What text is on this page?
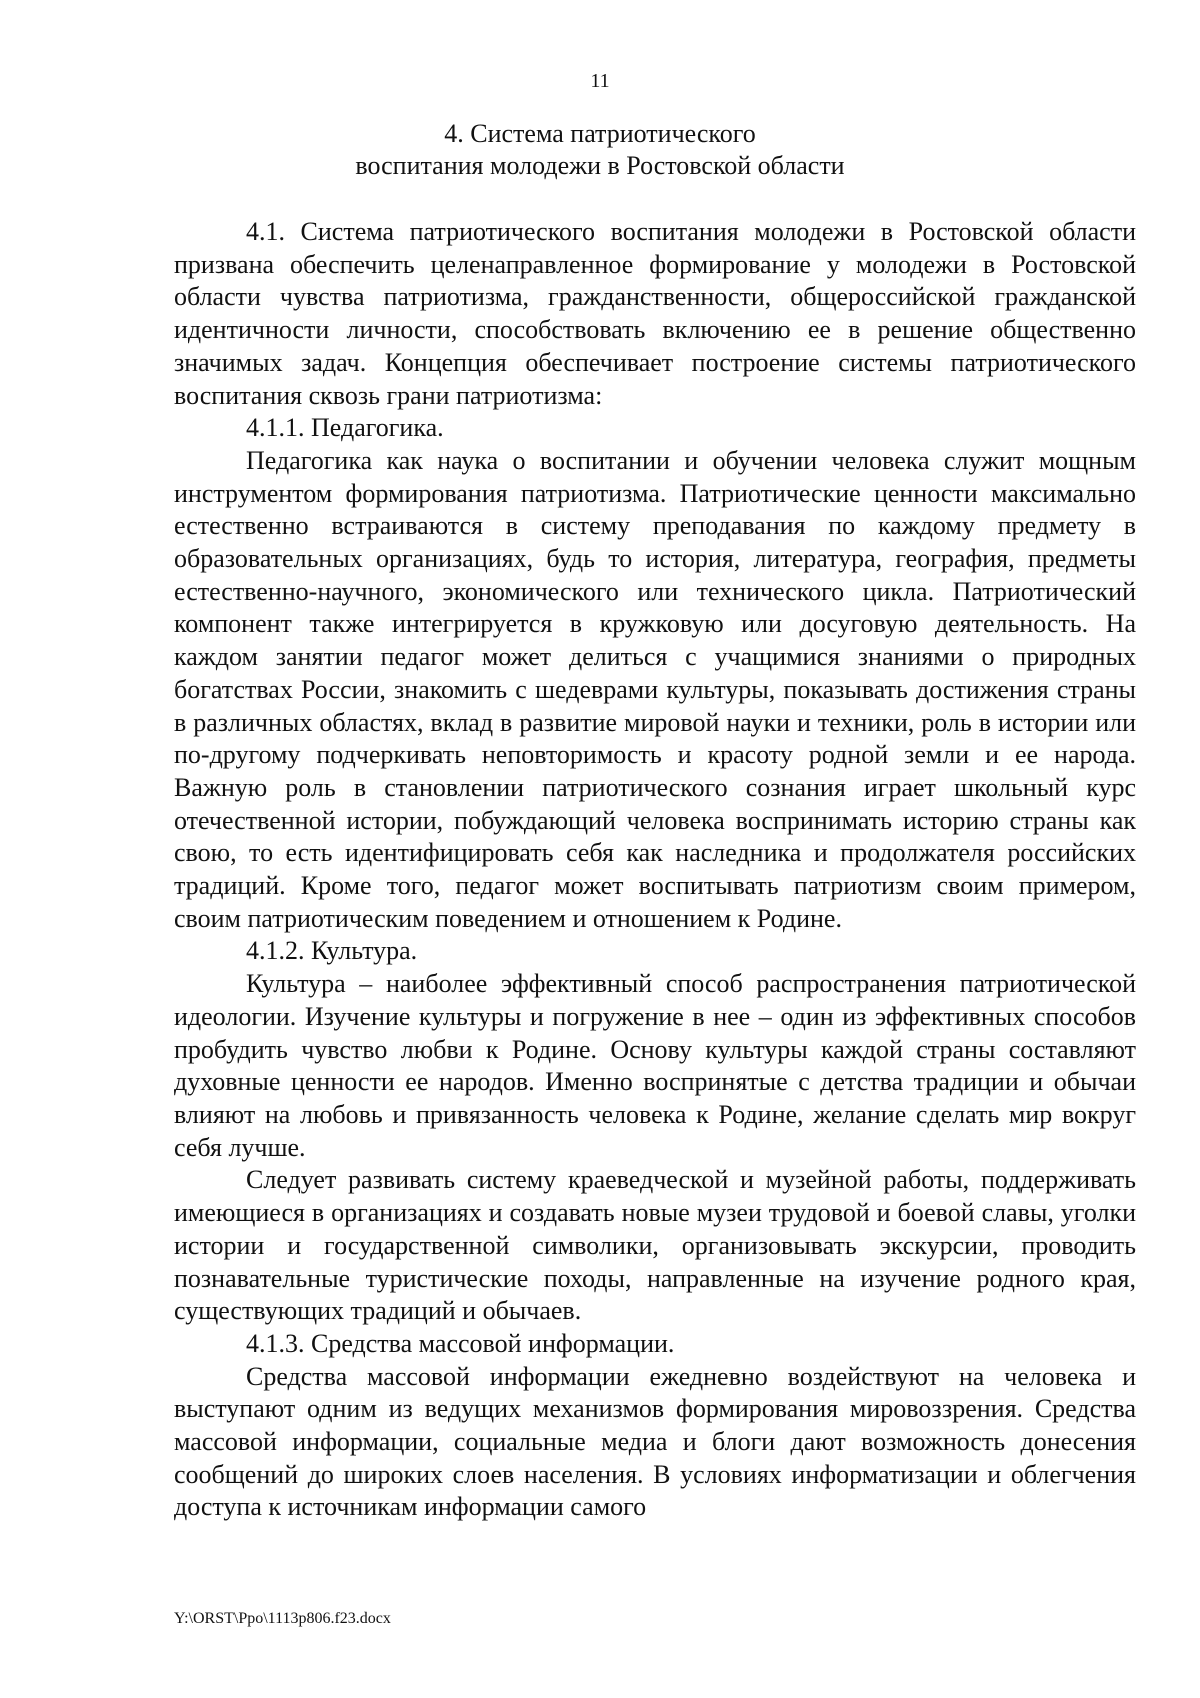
11
4. Система патриотического
воспитания молодежи в Ростовской области

4.1. Система патриотического воспитания молодежи в Ростовской области призвана обеспечить целенаправленное формирование у молодежи в Ростовской области чувства патриотизма, гражданственности, общероссийской гражданской идентичности личности, способствовать включению ее в решение общественно значимых задач. Концепция обеспечивает построение системы патриотического воспитания сквозь грани патриотизма:

4.1.1. Педагогика.

Педагогика как наука о воспитании и обучении человека служит мощным инструментом формирования патриотизма. Патриотические ценности максимально естественно встраиваются в систему преподавания по каждому предмету в образовательных организациях, будь то история, литература, география, предметы естественно-научного, экономического или технического цикла. Патриотический компонент также интегрируется в кружковую или досуговую деятельность. На каждом занятии педагог может делиться с учащимися знаниями о природных богатствах России, знакомить с шедеврами культуры, показывать достижения страны в различных областях, вклад в развитие мировой науки и техники, роль в истории или по-другому подчеркивать неповторимость и красоту родной земли и ее народа. Важную роль в становлении патриотического сознания играет школьный курс отечественной истории, побуждающий человека воспринимать историю страны как свою, то есть идентифицировать себя как наследника и продолжателя российских традиций. Кроме того, педагог может воспитывать патриотизм своим примером, своим патриотическим поведением и отношением к Родине.

4.1.2. Культура.

Культура – наиболее эффективный способ распространения патриотической идеологии. Изучение культуры и погружение в нее – один из эффективных способов пробудить чувство любви к Родине. Основу культуры каждой страны составляют духовные ценности ее народов. Именно воспринятые с детства традиции и обычаи влияют на любовь и привязанность человека к Родине, желание сделать мир вокруг себя лучше.

Следует развивать систему краеведческой и музейной работы, поддерживать имеющиеся в организациях и создавать новые музеи трудовой и боевой славы, уголки истории и государственной символики, организовывать экскурсии, проводить познавательные туристические походы, направленные на изучение родного края, существующих традиций и обычаев.

4.1.3. Средства массовой информации.

Средства массовой информации ежедневно воздействуют на человека и выступают одним из ведущих механизмов формирования мировоззрения. Средства массовой информации, социальные медиа и блоги дают возможность донесения сообщений до широких слоев населения. В условиях информатизации и облегчения доступа к источникам информации самого

Y:\ORST\Ppo\1113p806.f23.docx
